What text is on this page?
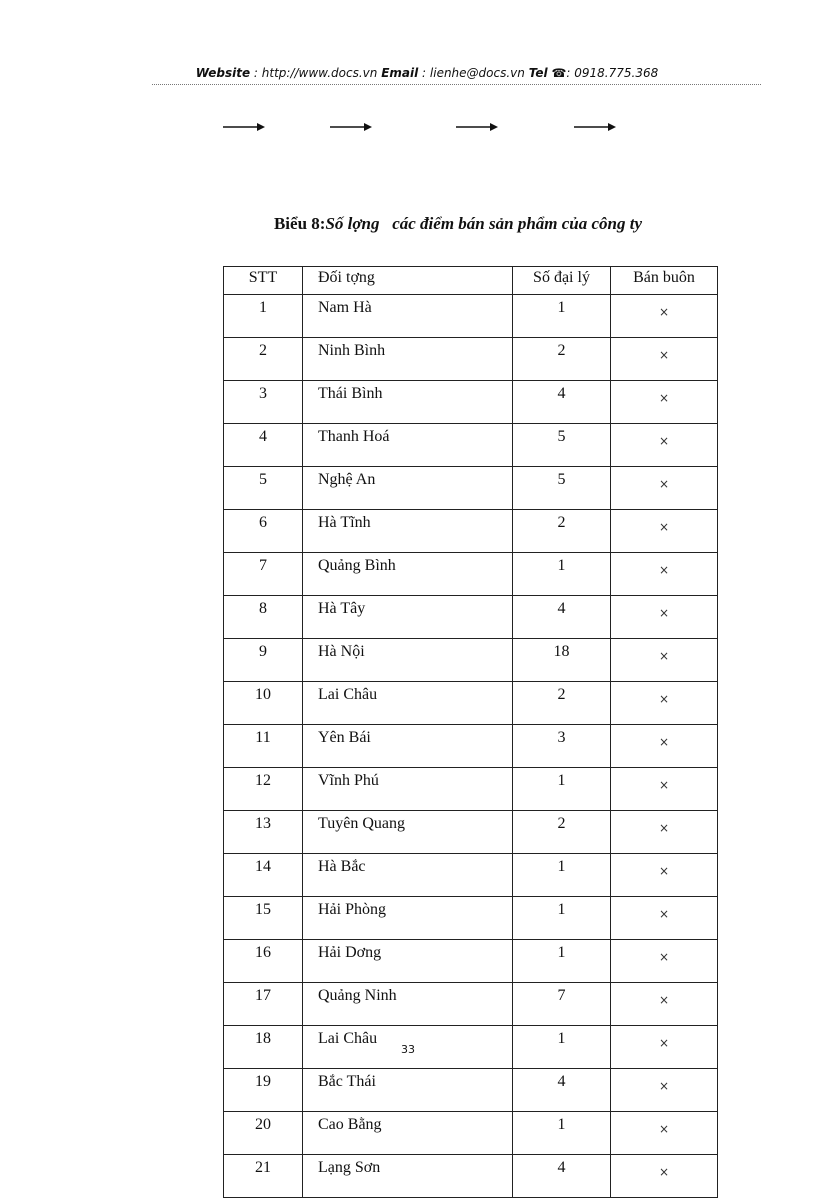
Website : http://www.docs.vn Email : lienhe@docs.vn Tel ☎: 0918.775.368
Biểu 8:Số lợng   các điểm bán sản phẩm của công ty
STT	Đối tợng	Số đại lý	Bán buôn
1	Nam Hà	1	×
2	Ninh Bình	2	×
3	Thái Bình	4	×
4	Thanh Hoá	5	×
5	Nghệ An	5	×
6	Hà Tĩnh	2	×
7	Quảng Bình	1	×
8	Hà Tây	4	×
9	Hà Nội	18	×
10	Lai Châu	2	×
11	Yên Bái	3	×
12	Vĩnh Phú	1	×
13	Tuyên Quang	2	×
14	Hà Bắc	1	×
15	Hải Phòng	1	×
16	Hải Dơng	1	×
17	Quảng Ninh	7	×
18	Lai Châu	1	×
19	Bắc Thái	4	×
20	Cao Bằng	1	×
21	Lạng Sơn	4	×
33
